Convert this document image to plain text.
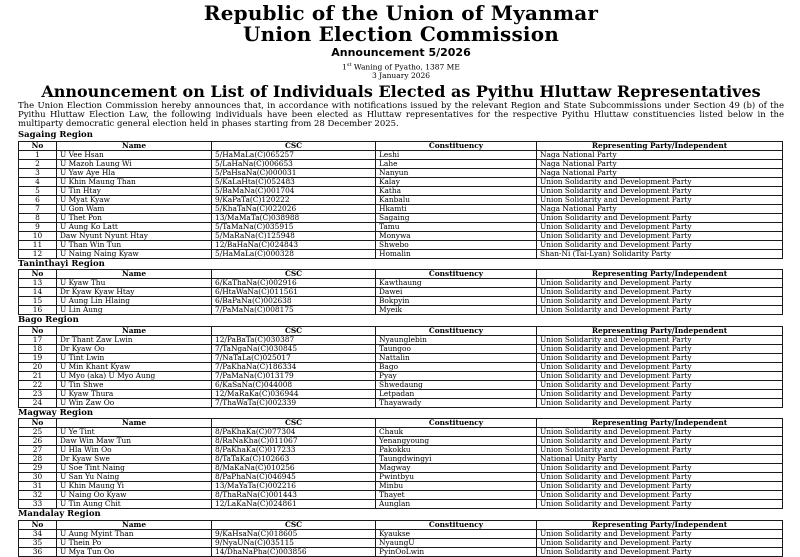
Republic of the Union of Myanmar
Union Election Commission
Announcement 5/2026
1st Waning of Pyatho, 1387 ME
3 January 2026
Announcement on List of Individuals Elected as Pyithu Hluttaw Representatives

The Union Election Commission hereby announces that, in accordance with notifications issued by the relevant Region and State Subcommissions under Section 49 (b) of the Pyithu Hluttaw Election Law, the following individuals have been elected as Hluttaw representatives for the respective Pyithu Hluttaw constituencies listed below in the multiparty democratic general election held in phases starting from 28 December 2025.

Sagaing Region
No	Name	CSC	Constituency	Representing Party/Independent
1	U Vee Hsan	5/HaMaLa(C)065257	Leshi	Naga National Party
2	U Mazoh Laung Wi	5/LaHaNa(C)006653	Lahe	Naga National Party
3	U Yaw Aye Hla	5/PaHsaNa(C)000031	Nanyun	Naga National Party
4	U Khin Maung Than	5/KaLaHta(C)052483	Kalay	Union Solidarity and Development Party
5	U Tin Htay	5/BaMaNa(C)001704	Katha	Union Solidarity and Development Party
6	U Myat Kyaw	9/KaPaTa(C)120222	Kanbalu	Union Solidarity and Development Party
7	U Gon Wam	5/KhaTaNa(C)022026	Hkamti	Naga National Party
8	U Thet Pon	13/MaMaTa(C)038988	Sagaing	Union Solidarity and Development Party
9	U Aung Ko Latt	5/TaMaNa(C)035915	Tamu	Union Solidarity and Development Party
10	Daw Nyunt Nyunt Htay	5/MaRaNa(C)125948	Monywa	Union Solidarity and Development Party
11	U Than Win Tun	12/BaHaNa(C)024843	Shwebo	Union Solidarity and Development Party
12	U Naing Naing Kyaw	5/HaMaLa(C)000328	Homalin	Shan-Ni (Tai-Lyan) Solidarity Party
Taninthayi Region
No	Name	CSC	Constituency	Representing Party/Independent
13	U Kyaw Thu	6/KaThaNa(C)002916	Kawthaung	Union Solidarity and Development Party
14	Dr Kyaw Kyaw Htay	6/HtaWaNa(C)011561	Dawei	Union Solidarity and Development Party
15	U Aung Lin Hlaing	6/BaPaNa(C)002638	Bokpyin	Union Solidarity and Development Party
16	U Lin Aung	7/PaMaNa(C)008175	Myeik	Union Solidarity and Development Party
Bago Region
No	Name	CSC	Constituency	Representing Party/Independent
17	Dr Thant Zaw Lwin	12/PaBaTa(C)030387	Nyaunglebin	Union Solidarity and Development Party
18	Dr Kyaw Oo	7/TaNgaNa(C)030845	Taungoo	Union Solidarity and Development Party
19	U Tint Lwin	7/NaTaLa(C)025017	Nattalin	Union Solidarity and Development Party
20	U Min Khant Kyaw	7/PaKhaNa(C)186334	Bago	Union Solidarity and Development Party
21	U Myo (aka) U Myo Aung	7/PaMaNa(C)013179	Pyay	Union Solidarity and Development Party
22	U Tin Shwe	6/KaSaNa(C)044008	Shwedaung	Union Solidarity and Development Party
23	U Kyaw Thura	12/MaRaKa(C)036944	Letpadan	Union Solidarity and Development Party
24	U Win Zaw Oo	7/ThaWaTa(C)002339	Thayawady	Union Solidarity and Development Party
Magway Region
No	Name	CSC	Constituency	Representing Party/Independent
25	U Ye Tint	8/PaKhaKa(C)077304	Chauk	Union Solidarity and Development Party
26	Daw Win Maw Tun	8/RaNaKha(C)011067	Yenangyoung	Union Solidarity and Development Party
27	U Hla Win Oo	8/PaKhaKa(C)017233	Pakokku	Union Solidarity and Development Party
28	Dr Kyaw Swe	8/TaTaKa(C)102663	Taungdwingyi	National Unity Party
29	U Soe Tint Naing	8/MaKaNa(C)010256	Magway	Union Solidarity and Development Party
30	U San Yu Naing	8/PaPhaNa(C)046945	Pwintbyu	Union Solidarity and Development Party
31	U Khin Maung Yi	13/MaYaTa(C)002216	Minbu	Union Solidarity and Development Party
32	U Naing Oo Kyaw	8/ThaRaNa(C)001443	Thayet	Union Solidarity and Development Party
33	U Tin Aung Chit	12/LaKaNa(C)024861	Aunglan	Union Solidarity and Development Party
Mandalay Region
No	Name	CSC	Constituency	Representing Party/Independent
34	U Aung Myint Than	9/KaHsaNa(C)018605	Kyaukse	Union Solidarity and Development Party
35	U Thein Po	9/NyaUNa(C)035115	NyaungU	Union Solidarity and Development Party
36	U Mya Tun Oo	14/DhaNaPha(C)003856	PyinOoLwin	Union Solidarity and Development Party
